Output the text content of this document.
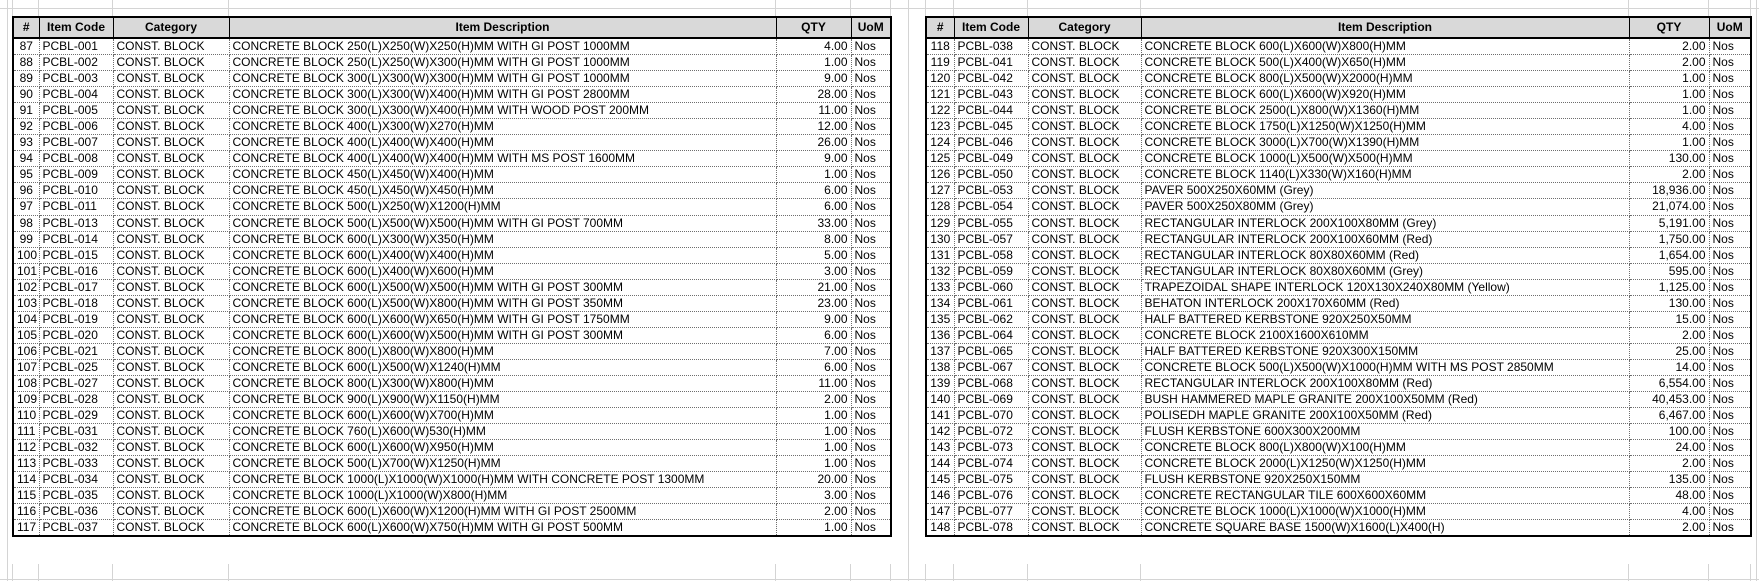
#	Item Code	Category	Item Description	QTY	UoM
87	PCBL-001	CONST. BLOCK	CONCRETE BLOCK 250(L)X250(W)X250(H)MM WITH GI POST 1000MM	4.00	Nos
88	PCBL-002	CONST. BLOCK	CONCRETE BLOCK 250(L)X250(W)X300(H)MM WITH GI POST 1000MM	1.00	Nos
89	PCBL-003	CONST. BLOCK	CONCRETE BLOCK 300(L)X300(W)X300(H)MM WITH GI POST 1000MM	9.00	Nos
90	PCBL-004	CONST. BLOCK	CONCRETE BLOCK 300(L)X300(W)X400(H)MM WITH GI POST 2800MM	28.00	Nos
91	PCBL-005	CONST. BLOCK	CONCRETE BLOCK 300(L)X300(W)X400(H)MM WITH WOOD POST 200MM	11.00	Nos
92	PCBL-006	CONST. BLOCK	CONCRETE BLOCK 400(L)X300(W)X270(H)MM	12.00	Nos
93	PCBL-007	CONST. BLOCK	CONCRETE BLOCK 400(L)X400(W)X400(H)MM	26.00	Nos
94	PCBL-008	CONST. BLOCK	CONCRETE BLOCK 400(L)X400(W)X400(H)MM WITH MS POST 1600MM	9.00	Nos
95	PCBL-009	CONST. BLOCK	CONCRETE BLOCK 450(L)X450(W)X400(H)MM	1.00	Nos
96	PCBL-010	CONST. BLOCK	CONCRETE BLOCK 450(L)X450(W)X450(H)MM	6.00	Nos
97	PCBL-011	CONST. BLOCK	CONCRETE BLOCK 500(L)X250(W)X1200(H)MM	6.00	Nos
98	PCBL-013	CONST. BLOCK	CONCRETE BLOCK 500(L)X500(W)X500(H)MM WITH GI POST 700MM	33.00	Nos
99	PCBL-014	CONST. BLOCK	CONCRETE BLOCK 600(L)X300(W)X350(H)MM	8.00	Nos
100	PCBL-015	CONST. BLOCK	CONCRETE BLOCK 600(L)X400(W)X400(H)MM	5.00	Nos
101	PCBL-016	CONST. BLOCK	CONCRETE BLOCK 600(L)X400(W)X600(H)MM	3.00	Nos
102	PCBL-017	CONST. BLOCK	CONCRETE BLOCK 600(L)X500(W)X500(H)MM WITH GI POST 300MM	21.00	Nos
103	PCBL-018	CONST. BLOCK	CONCRETE BLOCK 600(L)X500(W)X800(H)MM WITH GI POST 350MM	23.00	Nos
104	PCBL-019	CONST. BLOCK	CONCRETE BLOCK 600(L)X600(W)X650(H)MM WITH GI POST 1750MM	9.00	Nos
105	PCBL-020	CONST. BLOCK	CONCRETE BLOCK 600(L)X600(W)X500(H)MM WITH GI POST 300MM	6.00	Nos
106	PCBL-021	CONST. BLOCK	CONCRETE BLOCK 800(L)X800(W)X800(H)MM	7.00	Nos
107	PCBL-025	CONST. BLOCK	CONCRETE BLOCK 600(L)X500(W)X1240(H)MM	6.00	Nos
108	PCBL-027	CONST. BLOCK	CONCRETE BLOCK 800(L)X300(W)X800(H)MM	11.00	Nos
109	PCBL-028	CONST. BLOCK	CONCRETE BLOCK 900(L)X900(W)X1150(H)MM	2.00	Nos
110	PCBL-029	CONST. BLOCK	CONCRETE BLOCK 600(L)X600(W)X700(H)MM	1.00	Nos
111	PCBL-031	CONST. BLOCK	CONCRETE BLOCK 760(L)X600(W)530(H)MM	1.00	Nos
112	PCBL-032	CONST. BLOCK	CONCRETE BLOCK 600(L)X600(W)X950(H)MM	1.00	Nos
113	PCBL-033	CONST. BLOCK	CONCRETE BLOCK 500(L)X700(W)X1250(H)MM	1.00	Nos
114	PCBL-034	CONST. BLOCK	CONCRETE BLOCK 1000(L)X1000(W)X1000(H)MM WITH CONCRETE POST 1300MM	20.00	Nos
115	PCBL-035	CONST. BLOCK	CONCRETE BLOCK 1000(L)X1000(W)X800(H)MM	3.00	Nos
116	PCBL-036	CONST. BLOCK	CONCRETE BLOCK 600(L)X600(W)X1200(H)MM WITH GI POST 2500MM	2.00	Nos
117	PCBL-037	CONST. BLOCK	CONCRETE BLOCK 600(L)X600(W)X750(H)MM WITH GI POST 500MM	1.00	Nos
#	Item Code	Category	Item Description	QTY	UoM
118	PCBL-038	CONST. BLOCK	CONCRETE BLOCK 600(L)X600(W)X800(H)MM	2.00	Nos
119	PCBL-041	CONST. BLOCK	CONCRETE BLOCK 500(L)X400(W)X650(H)MM	2.00	Nos
120	PCBL-042	CONST. BLOCK	CONCRETE BLOCK 800(L)X500(W)X2000(H)MM	1.00	Nos
121	PCBL-043	CONST. BLOCK	CONCRETE BLOCK 600(L)X600(W)X920(H)MM	1.00	Nos
122	PCBL-044	CONST. BLOCK	CONCRETE BLOCK 2500(L)X800(W)X1360(H)MM	1.00	Nos
123	PCBL-045	CONST. BLOCK	CONCRETE BLOCK 1750(L)X1250(W)X1250(H)MM	4.00	Nos
124	PCBL-046	CONST. BLOCK	CONCRETE BLOCK 3000(L)X700(W)X1390(H)MM	1.00	Nos
125	PCBL-049	CONST. BLOCK	CONCRETE BLOCK 1000(L)X500(W)X500(H)MM	130.00	Nos
126	PCBL-050	CONST. BLOCK	CONCRETE BLOCK 1140(L)X330(W)X160(H)MM	2.00	Nos
127	PCBL-053	CONST. BLOCK	PAVER 500X250X60MM (Grey)	18,936.00	Nos
128	PCBL-054	CONST. BLOCK	PAVER 500X250X80MM (Grey)	21,074.00	Nos
129	PCBL-055	CONST. BLOCK	RECTANGULAR INTERLOCK 200X100X80MM (Grey)	5,191.00	Nos
130	PCBL-057	CONST. BLOCK	RECTANGULAR INTERLOCK 200X100X60MM (Red)	1,750.00	Nos
131	PCBL-058	CONST. BLOCK	RECTANGULAR INTERLOCK 80X80X60MM (Red)	1,654.00	Nos
132	PCBL-059	CONST. BLOCK	RECTANGULAR INTERLOCK 80X80X60MM (Grey)	595.00	Nos
133	PCBL-060	CONST. BLOCK	TRAPEZOIDAL SHAPE INTERLOCK 120X130X240X80MM (Yellow)	1,125.00	Nos
134	PCBL-061	CONST. BLOCK	BEHATON INTERLOCK 200X170X60MM (Red)	130.00	Nos
135	PCBL-062	CONST. BLOCK	HALF BATTERED KERBSTONE 920X250X50MM	15.00	Nos
136	PCBL-064	CONST. BLOCK	CONCRETE BLOCK 2100X1600X610MM	2.00	Nos
137	PCBL-065	CONST. BLOCK	HALF BATTERED KERBSTONE 920X300X150MM	25.00	Nos
138	PCBL-067	CONST. BLOCK	CONCRETE BLOCK 500(L)X500(W)X1000(H)MM WITH MS POST 2850MM	14.00	Nos
139	PCBL-068	CONST. BLOCK	RECTANGULAR INTERLOCK 200X100X80MM (Red)	6,554.00	Nos
140	PCBL-069	CONST. BLOCK	BUSH HAMMERED MAPLE GRANITE 200X100X50MM (Red)	40,453.00	Nos
141	PCBL-070	CONST. BLOCK	POLISEDH MAPLE GRANITE 200X100X50MM (Red)	6,467.00	Nos
142	PCBL-072	CONST. BLOCK	FLUSH KERBSTONE 600X300X200MM	100.00	Nos
143	PCBL-073	CONST. BLOCK	CONCRETE BLOCK 800(L)X800(W)X100(H)MM	24.00	Nos
144	PCBL-074	CONST. BLOCK	CONCRETE BLOCK 2000(L)X1250(W)X1250(H)MM	2.00	Nos
145	PCBL-075	CONST. BLOCK	FLUSH KERBSTONE 920X250X150MM	135.00	Nos
146	PCBL-076	CONST. BLOCK	CONCRETE RECTANGULAR TILE 600X600X60MM	48.00	Nos
147	PCBL-077	CONST. BLOCK	CONCRETE BLOCK 1000(L)X1000(W)X1000(H)MM	4.00	Nos
148	PCBL-078	CONST. BLOCK	CONCRETE SQUARE BASE 1500(W)X1600(L)X400(H)	2.00	Nos
